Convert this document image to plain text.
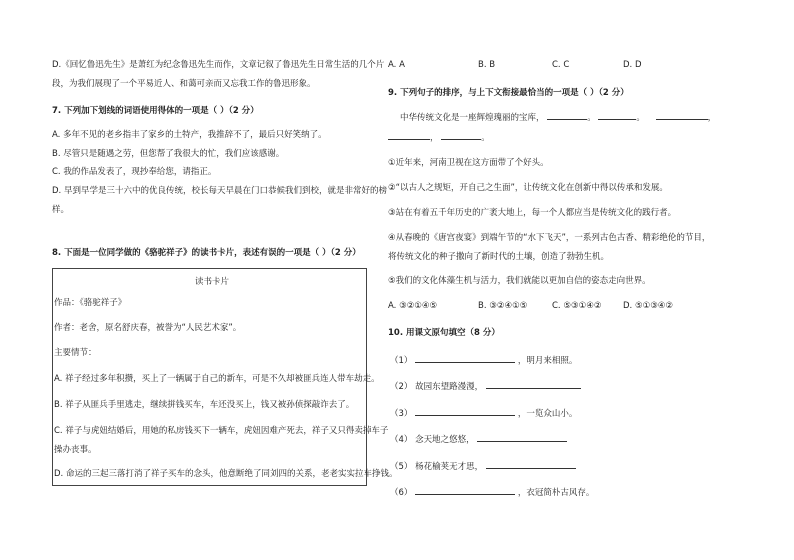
D.《回忆鲁迅先生》是萧红为纪念鲁迅先生而作，文章记叙了鲁迅先生日常生活的几个片
段，为我们展现了一个平易近人、和蔼可亲而又忘我工作的鲁迅形象。
7. 下列加下划线的词语使用得体的一项是（ ）（2 分）
A. 多年不见的老乡指丰了家乡的土特产，我推辞不了，最后只好笑纳了。
B. 尽管只是随遇之劳，但您帮了我很大的忙，我们应该感谢。
C. 我的作品发表了，现抄奉给您，请指正。
D. 早到早学是三十六中的优良传统，校长每天早晨在门口恭候我们到校，就是非常好的榜
样。
8. 下面是一位同学做的《骆驼祥子》的读书卡片，表述有误的一项是（ ）（2 分）
读书卡片
作品：《骆驼祥子》
作者：老舍，原名舒庆春，被誉为“人民艺术家”。
主要情节：
A. 祥子经过多年积攒，买上了一辆属于自己的新车，可是不久却被匪兵连人带车劫走。
B. 祥子从匪兵手里逃走，继续拼钱买车，车还没买上，钱又被孙侦探敲诈去了。
C. 祥子与虎妞结婚后，用她的私房钱买下一辆车，虎妞因难产死去，祥子又只得卖掉车子
操办丧事。
D. 命运的三起三落打消了祥子买车的念头，他意断绝了同刘四的关系，老老实实拉车挣钱。
A. A	B. B	C. C	D. D
9. 下列句子的排序，与上下文衔接最恰当的一项是（ ）（2 分）
中华传统文化是一座辉煌瑰丽的宝库，	。	。	，
，	。
①近年来，河南卫视在这方面带了个好头。
②“以古人之规矩，开自己之生面”，让传统文化在创新中得以传承和发展。
③站在有着五千年历史的广袤大地上，每一个人都应当是传统文化的践行者。
④从春晚的《唐宫夜宴》到端午节的“水下飞天”，一系列古色古香、精彩绝伦的节目，
将传统文化的种子撒向了新时代的土壤，创造了勃勃生机。
⑤我们的文化体藻生机与活力，我们就能以更加自信的姿态走向世界。
A. ③②①④⑤	B. ③②④①⑤	C. ⑤③①④②	D. ⑤①③④②
10. 用课文原句填空（8 分）
（1）	，明月来相照。
（2） 故园东望路漫漫，
（3）	，一览众山小。
（4） 念天地之悠悠，
（5） 杨花榆荚无才思，
（6）	，衣冠简朴古风存。
